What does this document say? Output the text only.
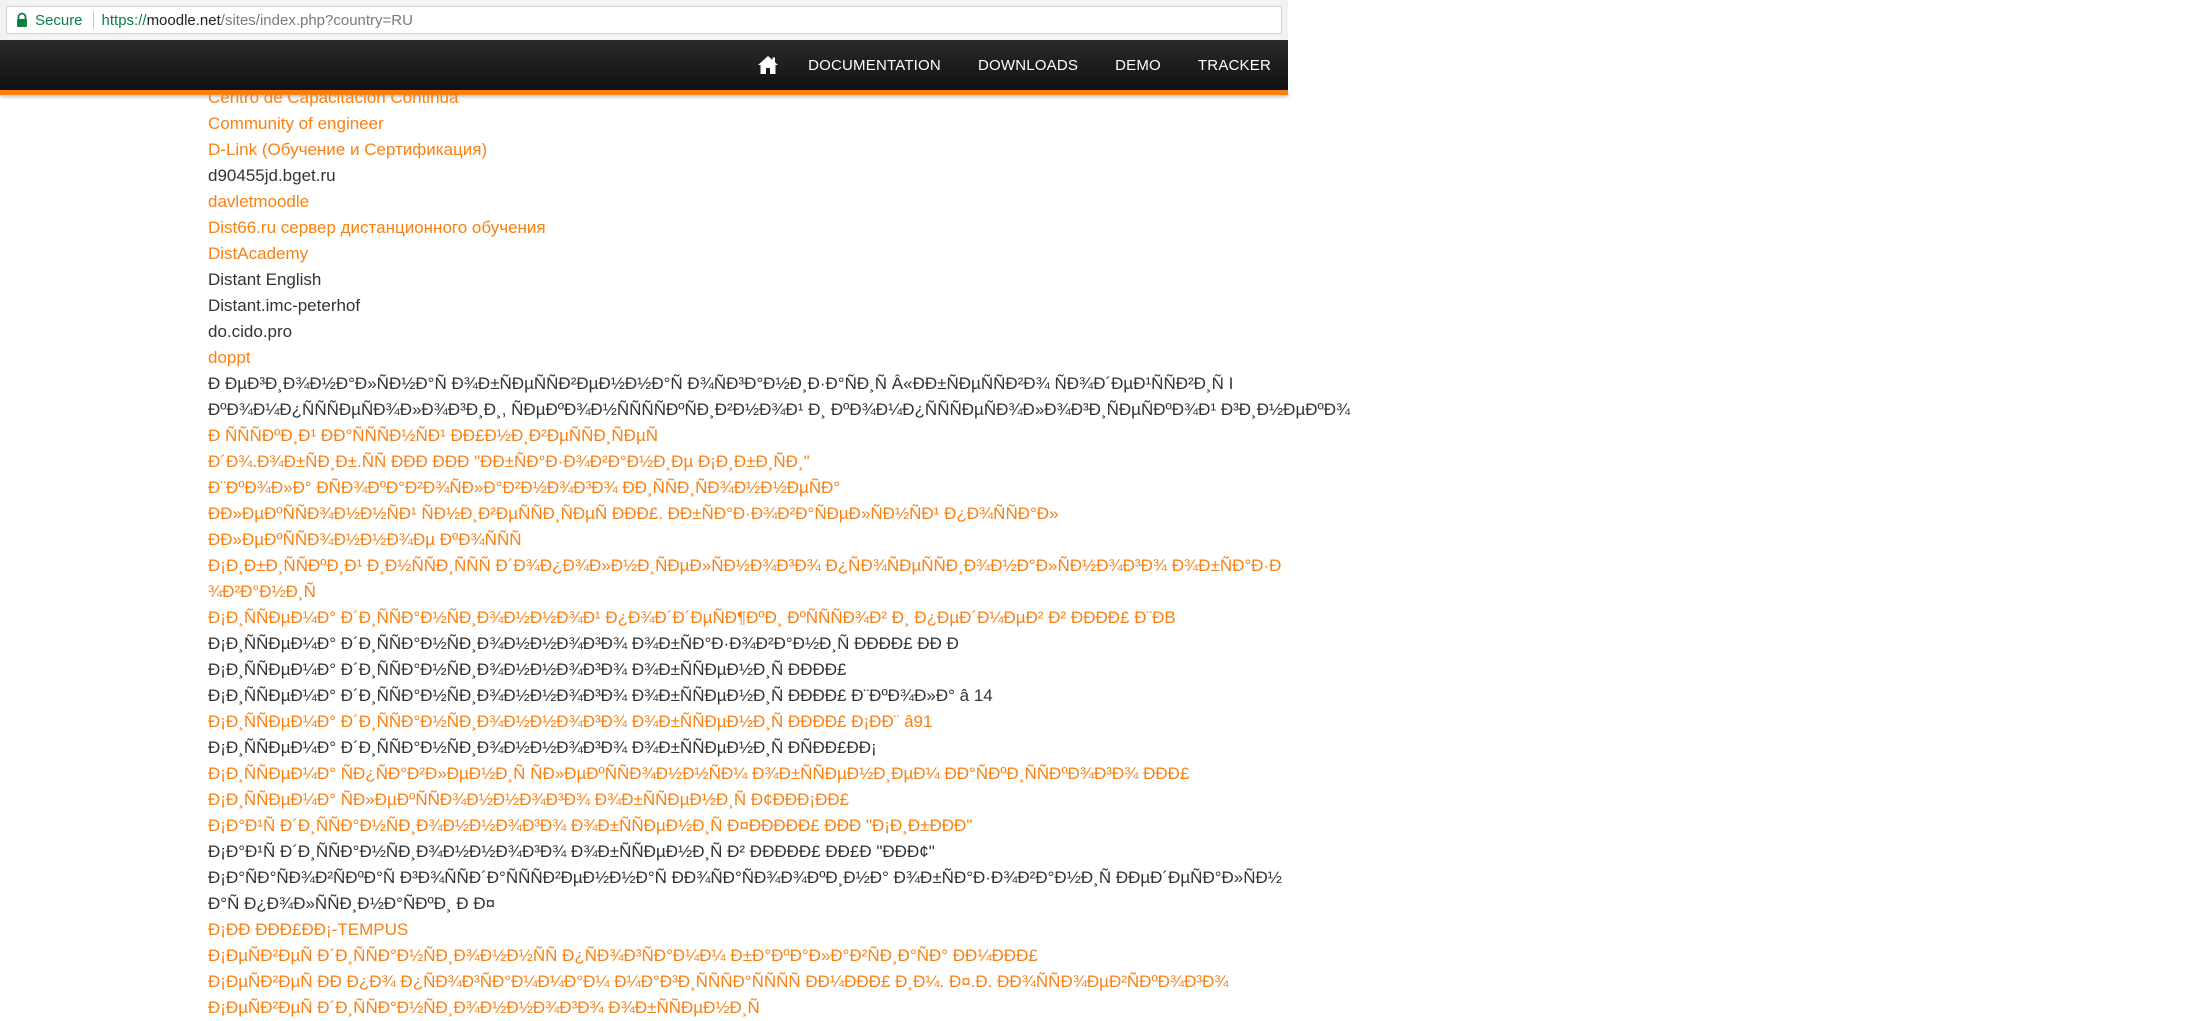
Secure https:// moodle.net /sites/index.php?country=RU
DOCUMENTATION DOWNLOADS DEMO TRACKER
Centro de Capacitacion Continua
Community of engineer
D-Link (Обучение и Сертификация)
d90455jd.bget.ru
davletmoodle
Dist66.ru сервер дистанционного обучения
DistAcademy
Distant English
Distant.imc-peterhof
do.cido.pro
doppt
Ð ÐµÐ³Ð¸Ð¾Ð½Ð°Ð»ÑÐ½Ð°Ñ Ð¾Ð±ÑÐµÑÑÐ²ÐµÐ½Ð½Ð°Ñ Ð¾ÑÐ³Ð°Ð½Ð¸Ð·Ð°ÑÐ¸Ñ Â«ÐÐ±ÑÐµÑÑÐ²Ð¾ ÑÐ¾Ð´ÐµÐ¹ÑÑÐ²Ð¸Ñ I
ÐºÐ¾Ð¼Ð¿ÑÑÑÐµÑÐ¾Ð»Ð¾Ð³Ð¸Ð¸, ÑÐµÐºÐ¾Ð½ÑÑÑÑÐºÑÐ¸Ð²Ð½Ð¾Ð¹ Ð¸ ÐºÐ¾Ð¼Ð¿ÑÑÑÐµÑÐ¾Ð»Ð¾Ð³Ð¸ÑÐµÑÐºÐ¾Ð¹ Ð³Ð¸Ð½ÐµÐºÐ¾
Ð ÑÑÑÐºÐ¸Ð¹ ÐÐ°ÑÑÑÐ½ÑÐ¹ ÐÐ£Ð½Ð¸Ð²ÐµÑÑÐ¸ÑÐµÑ
Ð´Ð¾.Ð¾Ð±ÑÐ¸Ð±.ÑÑ ÐÐÐ ÐÐÐ "ÐÐ±ÑÐ°Ð·Ð¾Ð²Ð°Ð½Ð¸Ðµ Ð¡Ð¸Ð±Ð¸ÑÐ¸"
Ð¨ÐºÐ¾Ð»Ð° ÐÑÐ¾ÐºÐ°Ð²Ð¾ÑÐ»Ð°Ð²Ð½Ð¾Ð³Ð¾ ÐÐ¸ÑÑÐ¸ÑÐ¾Ð½Ð½ÐµÑÐ°
ÐÐ»ÐµÐºÑÑÐ¾Ð½Ð½ÑÐ¹ ÑÐ½Ð¸Ð²ÐµÑÑÐ¸ÑÐµÑ ÐÐÐ£. ÐÐ±ÑÐ°Ð·Ð¾Ð²Ð°ÑÐµÐ»ÑÐ½ÑÐ¹ Ð¿Ð¾ÑÑÐ°Ð»
ÐÐ»ÐµÐºÑÑÐ¾Ð½Ð½Ð¾Ðµ ÐºÐ¾ÑÑÑ
Ð¡Ð¸Ð±Ð¸ÑÑÐºÐ¸Ð¹ Ð¸Ð½ÑÑÐ¸ÑÑÑ Ð´Ð¾Ð¿Ð¾Ð»Ð½Ð¸ÑÐµÐ»ÑÐ½Ð¾Ð³Ð¾ Ð¿ÑÐ¾ÑÐµÑÑÐ¸Ð¾Ð½Ð°Ð»ÑÐ½Ð¾Ð³Ð¾ Ð¾Ð±ÑÐ°Ð·Ð¾Ð²Ð°Ð½Ð¸Ñ
Ð¡Ð¸ÑÑÐµÐ¼Ð° Ð´Ð¸ÑÑÐ°Ð½ÑÐ¸Ð¾Ð½Ð½Ð¾Ð¹ Ð¿Ð¾Ð´Ð´ÐµÑÐ¶ÐºÐ¸ ÐºÑÑÑÐ¾Ð² Ð¸ Ð¿ÐµÐ´Ð¼ÐµÐ² Ð² ÐÐÐÐ£ Ð¨ÐB
Ð¡Ð¸ÑÑÐµÐ¼Ð° Ð´Ð¸ÑÑÐ°Ð½ÑÐ¸Ð¾Ð½Ð½Ð¾Ð³Ð¾ Ð¾Ð±ÑÐ°Ð·Ð¾Ð²Ð°Ð½Ð¸Ñ ÐÐÐÐ£ ÐÐ Ð
Ð¡Ð¸ÑÑÐµÐ¼Ð° Ð´Ð¸ÑÑÐ°Ð½ÑÐ¸Ð¾Ð½Ð½Ð¾Ð³Ð¾ Ð¾Ð±ÑÑÐµÐ½Ð¸Ñ ÐÐÐÐ£
Ð¡Ð¸ÑÑÐµÐ¼Ð° Ð´Ð¸ÑÑÐ°Ð½ÑÐ¸Ð¾Ð½Ð½Ð¾Ð³Ð¾ Ð¾Ð±ÑÑÐµÐ½Ð¸Ñ ÐÐÐÐ£ Ð¨ÐºÐ¾Ð»Ð° â 14
Ð¡Ð¸ÑÑÐµÐ¼Ð° Ð´Ð¸ÑÑÐ°Ð½ÑÐ¸Ð¾Ð½Ð½Ð¾Ð³Ð¾ Ð¾Ð±ÑÑÐµÐ½Ð¸Ñ ÐÐÐÐ£ Ð¡ÐÐ¨ â91
Ð¡Ð¸ÑÑÐµÐ¼Ð° Ð´Ð¸ÑÑÐ°Ð½ÑÐ¸Ð¾Ð½Ð½Ð¾Ð³Ð¾ Ð¾Ð±ÑÑÐµÐ½Ð¸Ñ ÐÑÐÐ£ÐÐ¡
Ð¡Ð¸ÑÑÐµÐ¼Ð° ÑÐ¿ÑÐ°Ð²Ð»ÐµÐ½Ð¸Ñ ÑÐ»ÐµÐºÑÑÐ¾Ð½Ð½ÑÐ¼ Ð¾Ð±ÑÑÐµÐ½Ð¸ÐµÐ¼ ÐÐ°ÑÐºÐ¸ÑÑÐºÐ¾Ð³Ð¾ ÐÐÐ£
Ð¡Ð¸ÑÑÐµÐ¼Ð° ÑÐ»ÐµÐºÑÑÐ¾Ð½Ð½Ð¾Ð³Ð¾ Ð¾Ð±ÑÑÐµÐ½Ð¸Ñ Ð¢ÐÐÐ¡ÐÐ£
Ð¡Ð°Ð¹Ñ Ð´Ð¸ÑÑÐ°Ð½ÑÐ¸Ð¾Ð½Ð½Ð¾Ð³Ð¾ Ð¾Ð±ÑÑÐµÐ½Ð¸Ñ Ð¤ÐÐÐÐÐ£ ÐÐÐ "Ð¡Ð¸Ð±ÐÐÐ"
Ð¡Ð°Ð¹Ñ Ð´Ð¸ÑÑÐ°Ð½ÑÐ¸Ð¾Ð½Ð½Ð¾Ð³Ð¾ Ð¾Ð±ÑÑÐµÐ½Ð¸Ñ Ð² ÐÐÐÐÐ£ ÐÐ£Ð "ÐÐÐ¢"
Ð¡Ð°ÑÐ°ÑÐ¾Ð²ÑÐºÐ°Ñ Ð³Ð¾ÑÑÐ´Ð°ÑÑÑÐ²ÐµÐ½Ð½Ð°Ñ ÐÐ¾ÑÐ°ÑÐ¾Ð¾ÐºÐ¸Ð½Ð° Ð¾Ð±ÑÐ°Ð·Ð¾Ð²Ð°Ð½Ð¸Ñ ÐÐµÐ´ÐµÑÐ°Ð»ÑÐ½Ð°Ñ Ð¿Ð¾Ð»ÑÑÐ¸Ð½Ð°ÑÐºÐ¸ Ð Ð¤
Ð¡ÐÐ ÐÐÐ£ÐÐ¡-TEMPUS
Ð¡ÐµÑÐ²ÐµÑ Ð´Ð¸ÑÑÐ°Ð½ÑÐ¸Ð¾Ð½Ð½ÑÑ Ð¿ÑÐ¾Ð³ÑÐ°Ð¼Ð¼ Ð±Ð°ÐºÐ°Ð»Ð°Ð²ÑÐ¸Ð°ÑÐ° ÐÐ¼ÐÐÐ£
Ð¡ÐµÑÐ²ÐµÑ ÐÐ Ð¿Ð¾ Ð¿ÑÐ¾Ð³ÑÐ°Ð¼Ð¼Ð°Ð¼ Ð¼Ð°Ð³Ð¸ÑÑÑÐ°ÑÑÑÑ ÐÐ¼ÐÐÐ£ Ð¸Ð¼. Ð¤.Ð. ÐÐ¾ÑÑÐ¾ÐµÐ²ÑÐºÐ¾Ð³Ð¾
Ð¡ÐµÑÐ²ÐµÑ Ð´Ð¸ÑÑÐ°Ð½ÑÐ¸Ð¾Ð½Ð½Ð¾Ð³Ð¾ Ð¾Ð±ÑÑÐµÐ½Ð¸Ñ
